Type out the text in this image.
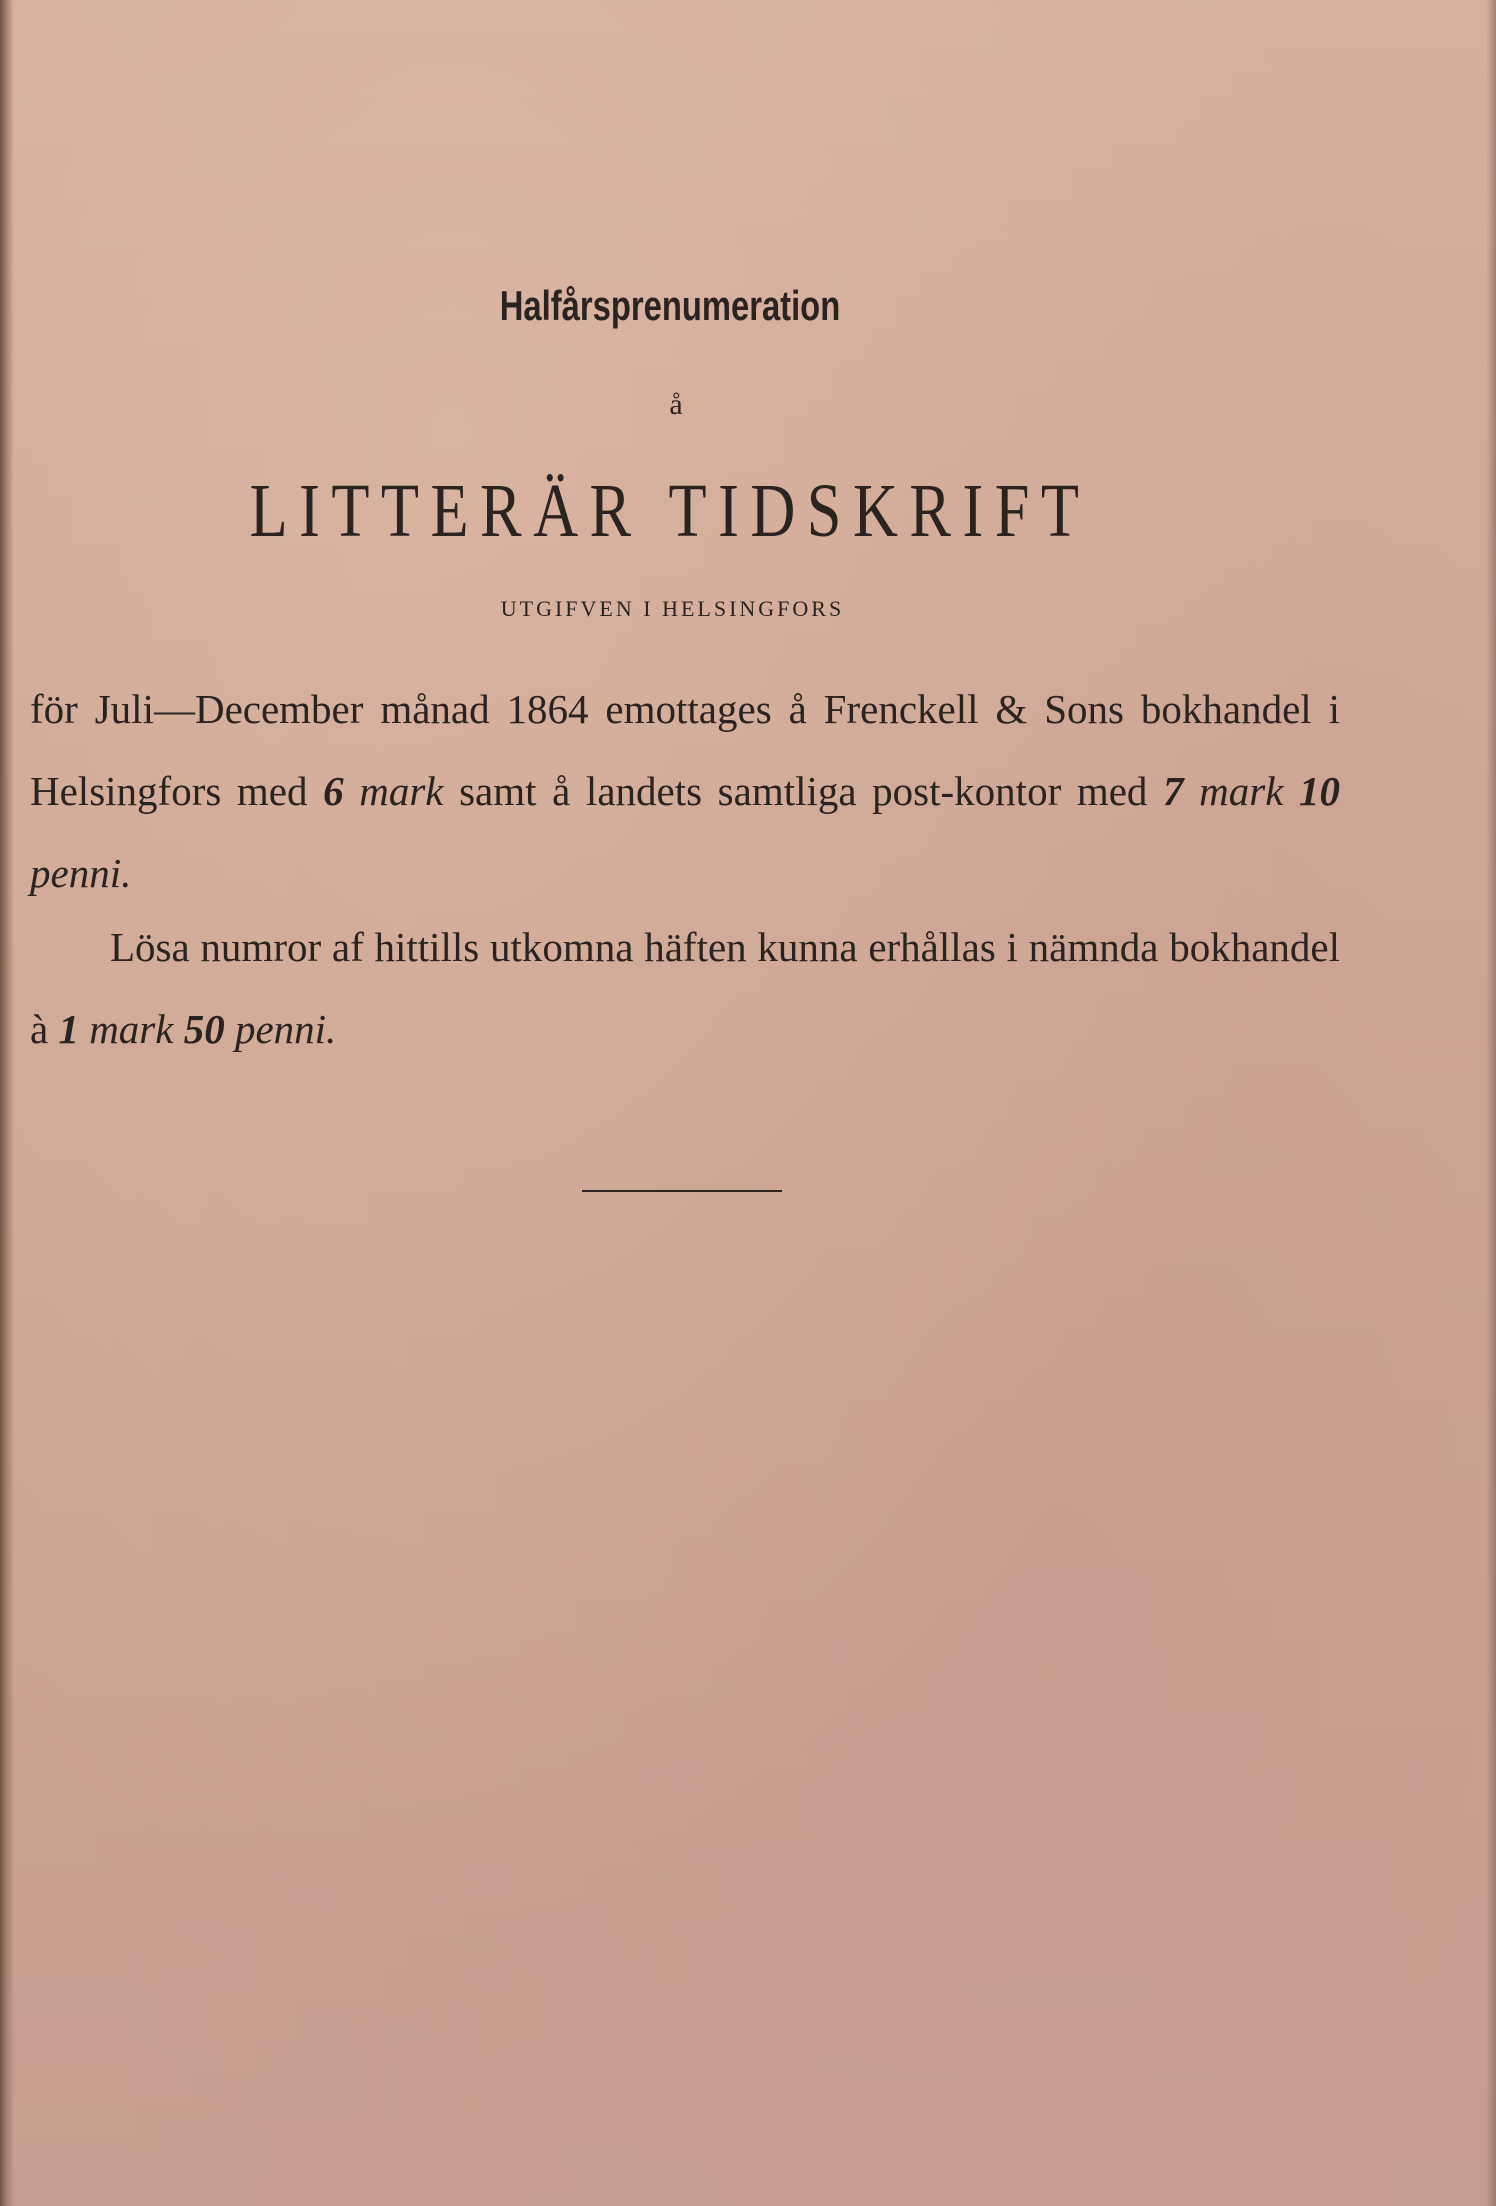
Halfårsprenumeration
å
LITTERÄR TIDSKRIFT
UTGIFVEN I HELSINGFORS
för Juli—December månad 1864 emottages å Frenckell & Sons bokhandel i Helsingfors med 6 mark samt å landets samtliga post-kontor med 7 mark 10 penni.
Lösa numror af hittills utkomna häften kunna erhållas i nämnda bokhandel à 1 mark 50 penni.
